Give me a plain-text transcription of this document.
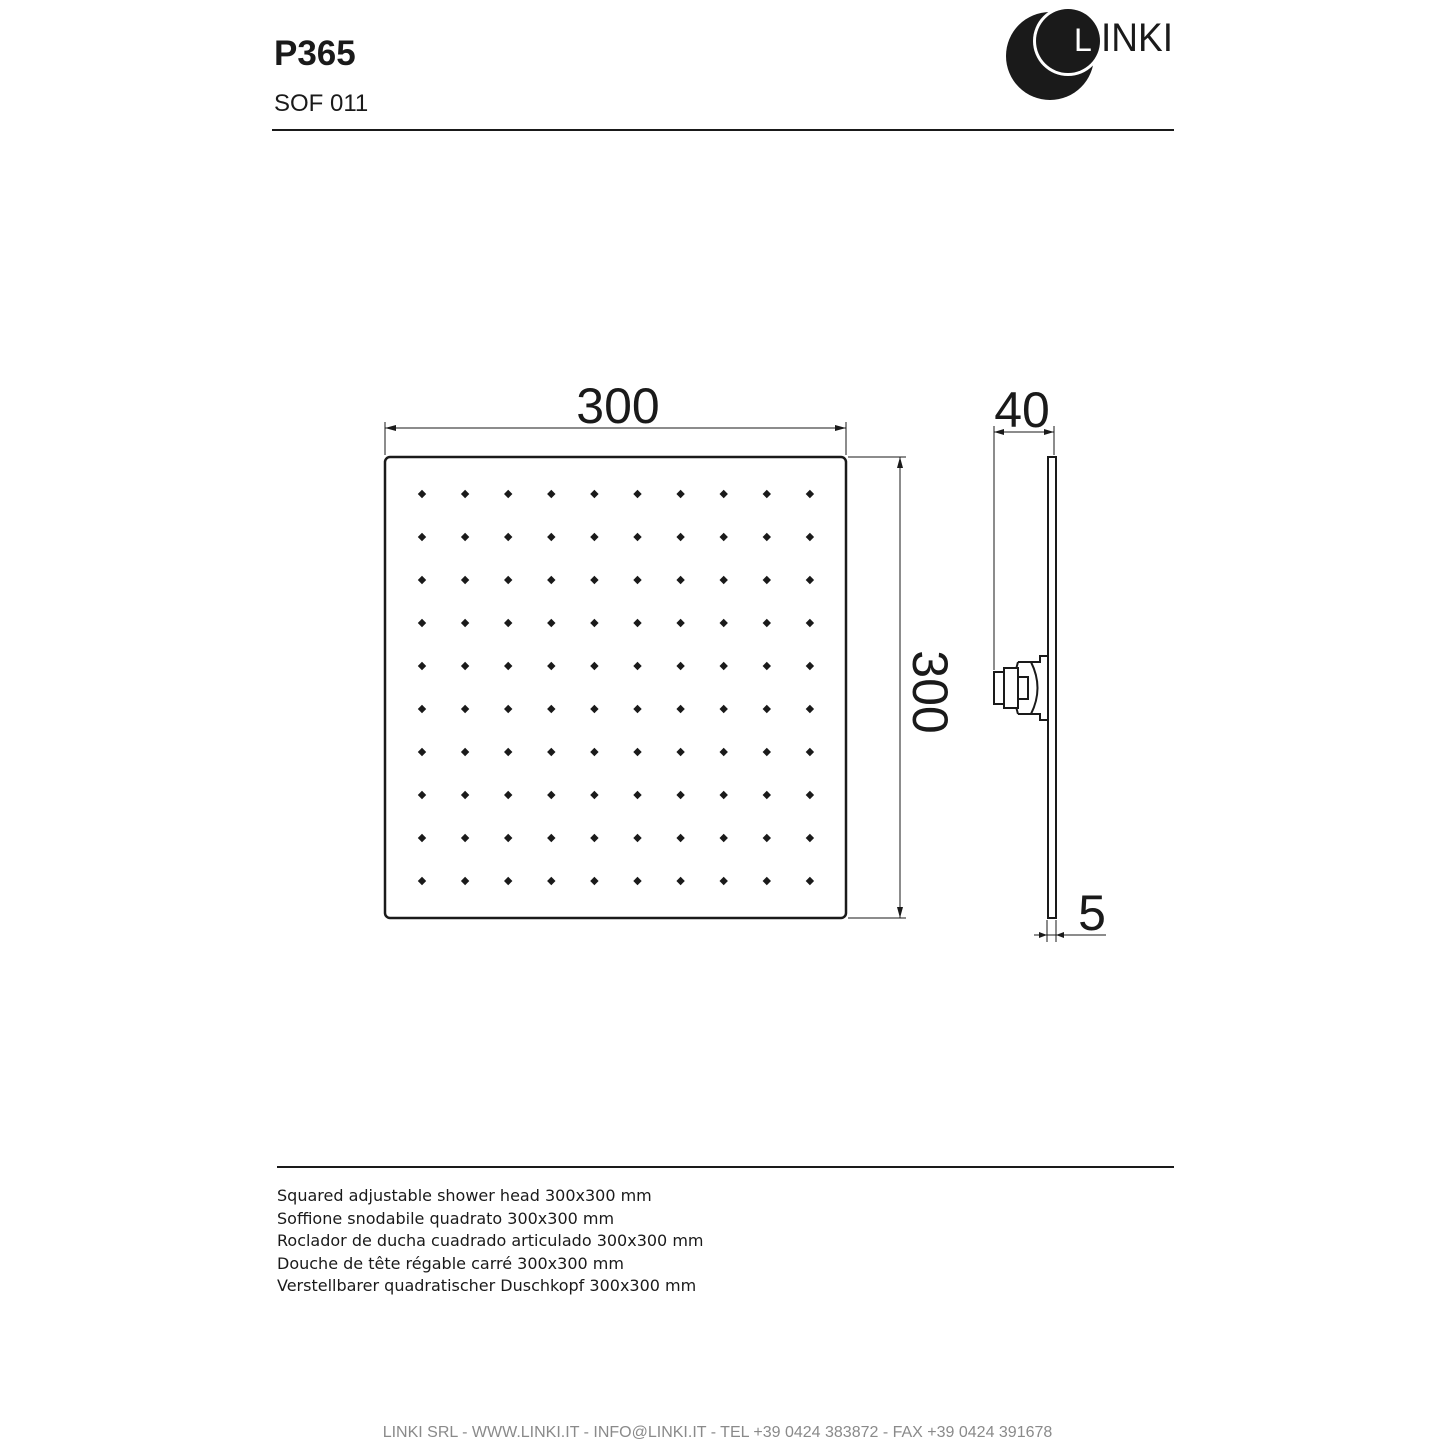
P365
SOF 011
L INKI
300
300
40
5
Squared adjustable shower head 300x300 mm
Soffione snodabile quadrato 300x300 mm
Roclador de ducha cuadrado articulado 300x300 mm
Douche de tête régable carré 300x300 mm
Verstellbarer quadratischer Duschkopf 300x300 mm
LINKI SRL - WWW.LINKI.IT - INFO@LINKI.IT - TEL +39 0424 383872 - FAX +39 0424 391678
